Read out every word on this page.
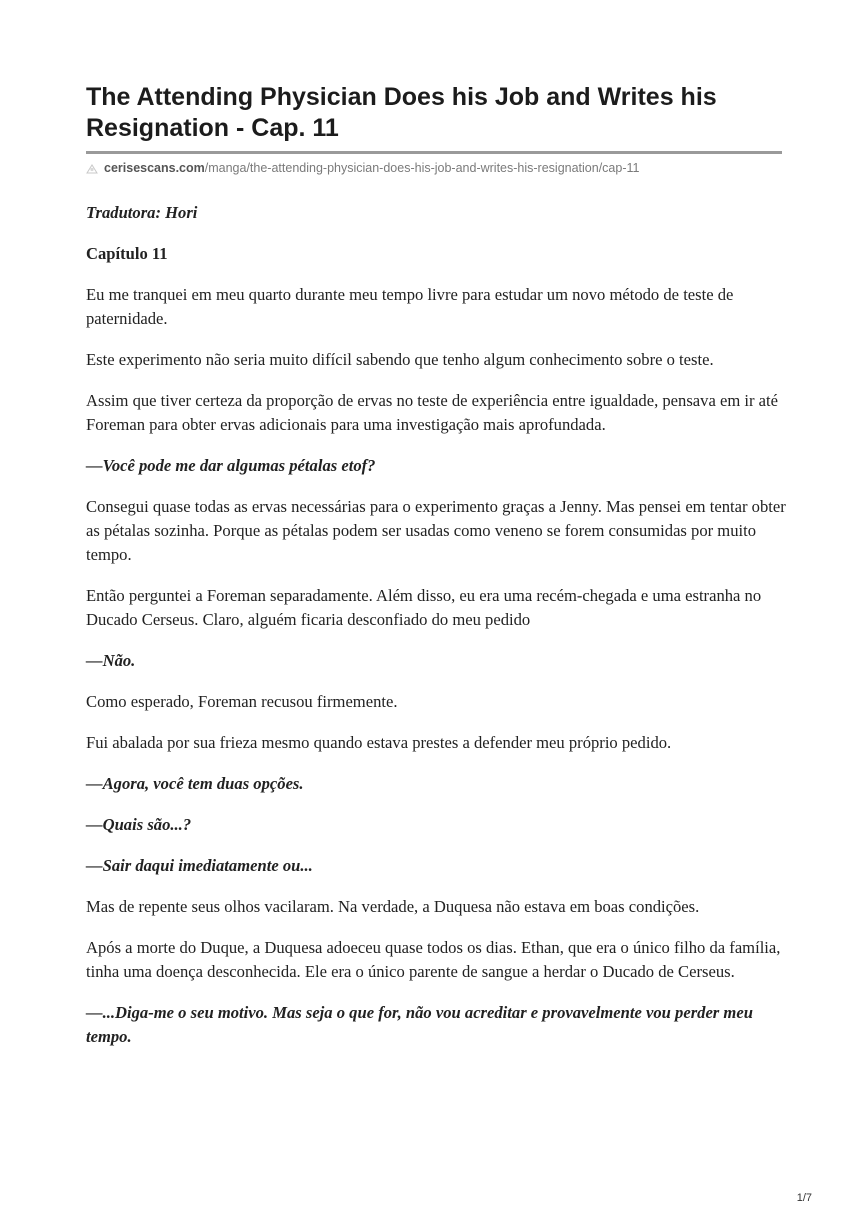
The Attending Physician Does his Job and Writes his Resignation - Cap. 11
cerisescans.com/manga/the-attending-physician-does-his-job-and-writes-his-resignation/cap-11

Tradutora: Hori

Capítulo 11

Eu me tranquei em meu quarto durante meu tempo livre para estudar um novo método de teste de paternidade.

Este experimento não seria muito difícil sabendo que tenho algum conhecimento sobre o teste.

Assim que tiver certeza da proporção de ervas no teste de experiência entre igualdade, pensava em ir até Foreman para obter ervas adicionais para uma investigação mais aprofundada.

—Você pode me dar algumas pétalas etof?

Consegui quase todas as ervas necessárias para o experimento graças a Jenny. Mas pensei em tentar obter as pétalas sozinha. Porque as pétalas podem ser usadas como veneno se forem consumidas por muito tempo.

Então perguntei a Foreman separadamente. Além disso, eu era uma recém-chegada e uma estranha no Ducado Cerseus. Claro, alguém ficaria desconfiado do meu pedido

—Não.

Como esperado, Foreman recusou firmemente.

Fui abalada por sua frieza mesmo quando estava prestes a defender meu próprio pedido.

—Agora, você tem duas opções.

—Quais são...?

—Sair daqui imediatamente ou...

Mas de repente seus olhos vacilaram. Na verdade, a Duquesa não estava em boas condições.

Após a morte do Duque, a Duquesa adoeceu quase todos os dias. Ethan, que era o único filho da família, tinha uma doença desconhecida. Ele era o único parente de sangue a herdar o Ducado de Cerseus.

—...Diga-me o seu motivo. Mas seja o que for, não vou acreditar e provavelmente vou perder meu tempo.

1/7
